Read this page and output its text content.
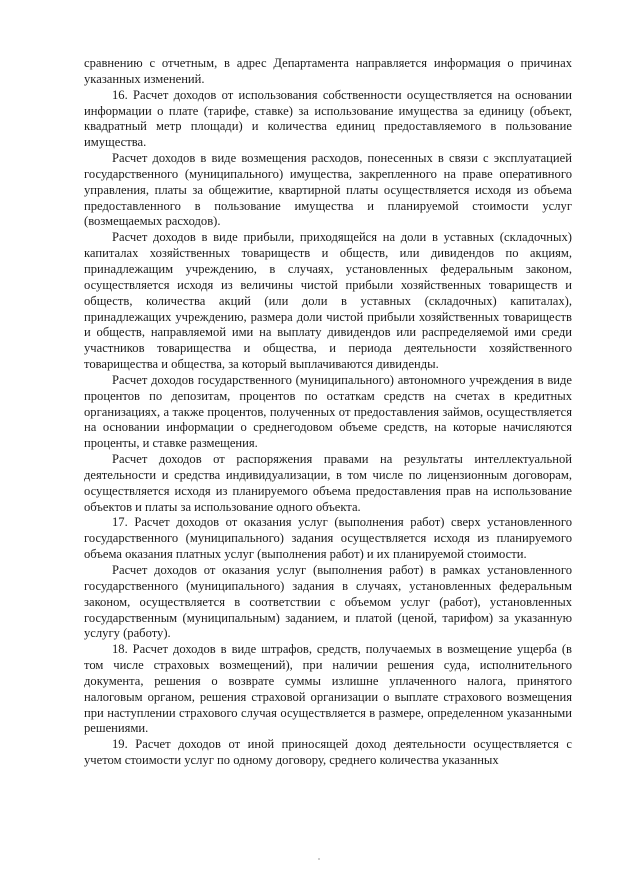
сравнению с отчетным, в адрес Департамента направляется информация о причинах указанных изменений.

16. Расчет доходов от использования собственности осуществляется на основании информации о плате (тарифе, ставке) за использование имущества за единицу (объект, квадратный метр площади) и количества единиц предоставляемого в пользование имущества.

Расчет доходов в виде возмещения расходов, понесенных в связи с эксплуатацией государственного (муниципального) имущества, закрепленного на праве оперативного управления, платы за общежитие, квартирной платы осуществляется исходя из объема предоставленного в пользование имущества и планируемой стоимости услуг (возмещаемых расходов).

Расчет доходов в виде прибыли, приходящейся на доли в уставных (складочных) капиталах хозяйственных товариществ и обществ, или дивидендов по акциям, принадлежащим учреждению, в случаях, установленных федеральным законом, осуществляется исходя из величины чистой прибыли хозяйственных товариществ и обществ, количества акций (или доли в уставных (складочных) капиталах), принадлежащих учреждению, размера доли чистой прибыли хозяйственных товариществ и обществ, направляемой ими на выплату дивидендов или распределяемой ими среди участников товарищества и общества, и периода деятельности хозяйственного товарищества и общества, за который выплачиваются дивиденды.

Расчет доходов государственного (муниципального) автономного учреждения в виде процентов по депозитам, процентов по остаткам средств на счетах в кредитных организациях, а также процентов, полученных от предоставления займов, осуществляется на основании информации о среднегодовом объеме средств, на которые начисляются проценты, и ставке размещения.

Расчет доходов от распоряжения правами на результаты интеллектуальной деятельности и средства индивидуализации, в том числе по лицензионным договорам, осуществляется исходя из планируемого объема предоставления прав на использование объектов и платы за использование одного объекта.

17. Расчет доходов от оказания услуг (выполнения работ) сверх установленного государственного (муниципального) задания осуществляется исходя из планируемого объема оказания платных услуг (выполнения работ) и их планируемой стоимости.

Расчет доходов от оказания услуг (выполнения работ) в рамках установленного государственного (муниципального) задания в случаях, установленных федеральным законом, осуществляется в соответствии с объемом услуг (работ), установленных государственным (муниципальным) заданием, и платой (ценой, тарифом) за указанную услугу (работу).

18. Расчет доходов в виде штрафов, средств, получаемых в возмещение ущерба (в том числе страховых возмещений), при наличии решения суда, исполнительного документа, решения о возврате суммы излишне уплаченного налога, принятого налоговым органом, решения страховой организации о выплате страхового возмещения при наступлении страхового случая осуществляется в размере, определенном указанными решениями.

19. Расчет доходов от иной приносящей доход деятельности осуществляется с учетом стоимости услуг по одному договору, среднего количества указанных
